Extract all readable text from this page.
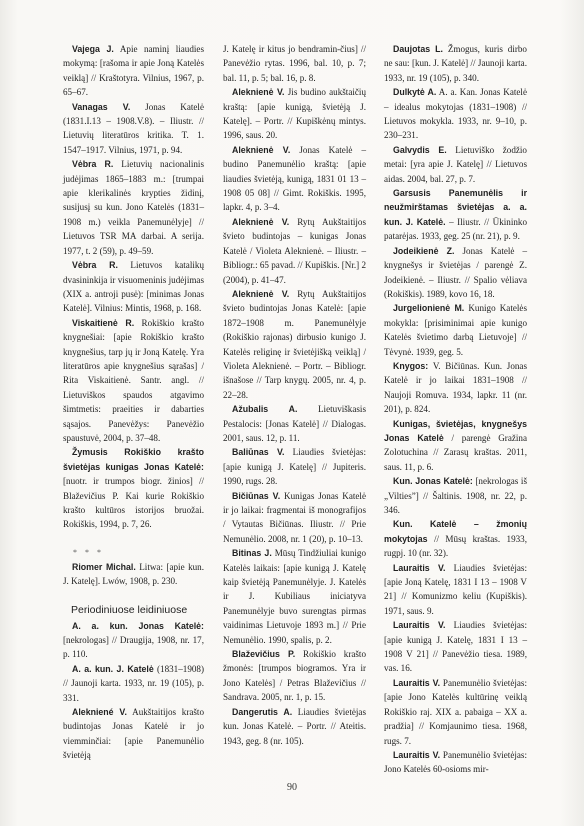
Vajega J. Apie naminį liaudies mokymą: [rašoma ir apie Joną Katelės veiklą] // Kraštotyra. Vilnius, 1967, p. 65–67.

Vanagas V. Jonas Katelė (1831.I.13 – 1908.V.8). – Iliustr. // Lietuvių literatūros kritika. T. 1. 1547–1917. Vilnius, 1971, p. 94.

Vėbra R. Lietuvių nacionalinis judėjimas 1865–1883 m.: [trumpai apie klerikalinės krypties židinį, susijusį su kun. Jono Katelės (1831–1908 m.) veikla Panemunėlyje] // Lietuvos TSR MA darbai. A serija. 1977, t. 2 (59), p. 49–59.

Vėbra R. Lietuvos katalikų dvasininkija ir visuomeninis judėjimas (XIX a. antroji pusė): [minimas Jonas Katelė]. Vilnius: Mintis, 1968, p. 168.

Viskaitienė R. Rokiškio krašto knygnešiai: [apie Rokiškio krašto knygnešius, tarp jų ir Joną Katelę. Yra literatūros apie knygnešius sąrašas] / Rita Viskaitienė. Santr. angl. // Lietuviškos spaudos atgavimo šimtmetis: praeities ir dabarties sąsajos. Panevėžys: Panevėžio spaustuvė, 2004, p. 37–48.

Žymusis Rokiškio krašto švietėjas kunigas Jonas Katelė: [nuotr. ir trumpos biogr. žinios] // Blaževičius P. Kai kurie Rokiškio krašto kultūros istorijos bruožai. Rokiškis, 1994, p. 7, 26.

* * *

Riomer Michal. Litwa: [apie kun. J. Katelę]. Lwów, 1908, p. 230.

Periodiniuose leidiniuose

A. a. kun. Jonas Katelė: [nekrologas] // Draugija, 1908, nr. 17, p. 110.

A. a. kun. J. Katelė (1831–1908) // Jaunoji karta. 1933, nr. 19 (105), p. 331.

Alekniené V. Aukštaitijos krašto budintojas Jonas Katelė ir jo viemminčiai: [apie Panemunėlio švietėją

J. Katelę ir kitus jo bendramin-čius] // Panevėžio rytas. 1996, bal. 10, p. 7; bal. 11, p. 5; bal. 16, p. 8.

Aleknienė V. Jis budino aukštaičių kraštą: [apie kunigą, švietėją J. Katelę]. – Portr. // Kupiškėnų mintys. 1996, saus. 20.

Aleknienė V. Jonas Katelė – budino Panemunėlio kraštą: [apie liaudies švietėją, kunigą, 1831 01 13 – 1908 05 08] // Gimt. Rokiškis. 1995, lapkr. 4, p. 3–4.

Aleknienė V. Rytų Aukštaitijos švieto budintojas – kunigas Jonas Katelė / Violeta Aleknienė. – Iliustr. – Bibliogr.: 65 pavad. // Kupiškis. [Nr.] 2 (2004), p. 41–47.

Aleknienė V. Rytų Aukštaitijos švieto budintojas Jonas Katelė: [apie 1872–1908 m. Panemunėlyje (Rokiškio rajonas) dirbusio kunigo J. Katelės religinę ir švietėjišką veiklą] / Violeta Aleknienė. – Portr. – Bibliogr. išnašose // Tarp knygų. 2005, nr. 4, p. 22–28.

Ažubalis A. Lietuviškasis Pestalocis: [Jonas Katelė] // Dialogas. 2001, saus. 12, p. 11.

Baliūnas V. Liaudies švietėjas: [apie kunigą J. Katelę] // Jupiteris. 1990, rugs. 28.

Bičiūnas V. Kunigas Jonas Katelė ir jo laikai: fragmentai iš monografijos / Vytautas Bičiūnas. Iliustr. // Prie Nemunėlio. 2008, nr. 1 (20), p. 10–13.

Bitinas J. Mūsų Tindžiuliai kunigo Katelės laikais: [apie kunigą J. Katelę kaip švietėją Panemunėlyje. J. Katelės ir J. Kubiliaus iniciatyva Panemunėlyje buvo surengtas pirmas vaidinimas Lietuvoje 1893 m.] // Prie Nemunėlio. 1990, spalis, p. 2.

Blaževičius P. Rokiškio krašto žmonės: [trumpos biogramos. Yra ir Jono Katelės] / Petras Blaževičius // Sandrava. 2005, nr. 1, p. 15.

Dangerutis A. Liaudies švietėjas kun. Jonas Katelė. – Portr. // Ateitis. 1943, geg. 8 (nr. 105).

Daujotas L. Žmogus, kuris dirbo ne sau: [kun. J. Katelė] // Jaunoji karta. 1933, nr. 19 (105), p. 340.

Dulkytė A. A. a. Kan. Jonas Katelė – idealus mokytojas (1831–1908) // Lietuvos mokykla. 1933, nr. 9–10, p. 230–231.

Galvydis E. Lietuviško žodžio metai: [yra apie J. Katelę] // Lietuvos aidas. 2004, bal. 27, p. 7.

Garsusis Panemunėlis ir neužmirštamas švietėjas a. a. kun. J. Katelė. – Iliustr. // Ūkininko patarėjas. 1933, geg. 25 (nr. 21), p. 9.

Jodeikienė Z. Jonas Katelė – knygnešys ir švietėjas / parengė Z. Jodeikienė. – Iliustr. // Spalio vėliava (Rokiškis). 1989, kovo 16, 18.

Jurgelionienė M. Kunigo Katelės mokykla: [prisiminimai apie kunigo Katelės švietimo darbą Lietuvoje] // Tėvynė. 1939, geg. 5.

Knygos: V. Bičiūnas. Kun. Jonas Katelė ir jo laikai 1831–1908 // Naujoji Romuva. 1934, lapkr. 11 (nr. 201), p. 824.

Kunigas, švietėjas, knygnešys Jonas Katelė / parengė Gražina Zolotuchina // Zarasų kraštas. 2011, saus. 11, p. 6.

Kun. Jonas Katelė: [nekrologas iš „Viltiesˮ] // Šaltinis. 1908, nr. 22, p. 346.

Kun. Katelė – žmonių mokytojas // Mūsų kraštas. 1933, rugpj. 10 (nr. 32).

Lauraitis V. Liaudies švietėjas: [apie Joną Katelę, 1831 I 13 – 1908 V 21] // Komunizmo keliu (Kupiškis). 1971, saus. 9.

Lauraitis V. Liaudies švietėjas: [apie kunigą J. Katelę, 1831 I 13 – 1908 V 21] // Panevėžio tiesa. 1989, vas. 16.

Lauraitis V. Panemunėlio švietėjas: [apie Jono Katelės kultūrinę veiklą Rokiškio raj. XIX a. pabaiga – XX a. pradžia] // Komjaunimo tiesa. 1968, rugs. 7.

Lauraitis V. Panemunėlio švietėjas: Jono Katelės 60-osioms mir-

90
